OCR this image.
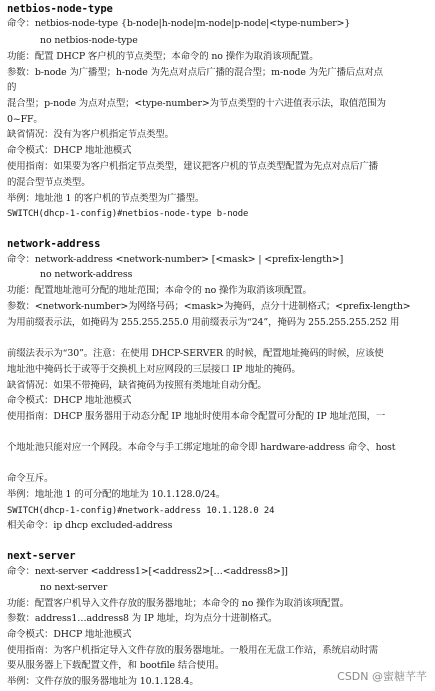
netbios-node-type
命令：netbios-node-type {b-node|h-node|m-node|p-node|<type-number>}
no netbios-node-type
功能：配置 DHCP 客户机的节点类型；本命令的 no 操作为取消该项配置。
参数：b-node 为广播型；h-node 为先点对点后广播的混合型；m-node 为先广播后点对点
的
混合型；p-node 为点对点型；<type-number>为节点类型的十六进值表示法，取值范围为
0~FF。
缺省情况：没有为客户机指定节点类型。
命令模式：DHCP 地址池模式
使用指南：如果要为客户机指定节点类型，建议把客户机的节点类型配置为先点对点后广播
的混合型节点类型。
举例：地址池 1 的客户机的节点类型为广播型。
SWITCH(dhcp-1-config)#netbios-node-type b-node
network-address
命令：network-address <network-number> [<mask> | <prefix-length>]
no network-address
功能：配置地址池可分配的地址范围；本命令的 no 操作为取消该项配置。
参数：<network-number>为网络号码；<mask>为掩码，点分十进制格式；<prefix-length>
为用前缀表示法，如掩码为 255.255.255.0 用前缀表示为“24”，掩码为 255.255.255.252 用
前缀法表示为“30”。注意：在使用 DHCP-SERVER 的时候，配置地址掩码的时候，应该使
地址池中掩码长于或等于交换机上对应网段的三层接口 IP 地址的掩码。
缺省情况：如果不带掩码，缺省掩码为按照有类地址自动分配。
命令模式：DHCP 地址池模式
使用指南：DHCP 服务器用于动态分配 IP 地址时使用本命令配置可分配的 IP 地址范围，一
个地址池只能对应一个网段。本命令与手工绑定地址的命令即 hardware-address 命令、host
命令互斥。
举例：地址池 1 的可分配的地址为 10.1.128.0/24。
SWITCH(dhcp-1-config)#network-address 10.1.128.0 24
相关命令：ip dhcp excluded-address
next-server
命令：next-server <address1>[<address2>[…<address8>]]
no next-server
功能：配置客户机导入文件存放的服务器地址；本命令的 no 操作为取消该项配置。
参数：address1…address8 为 IP 地址，均为点分十进制格式。
命令模式：DHCP 地址池模式
使用指南：为客户机指定导入文件存放的服务器地址。一般用在无盘工作站，系统启动时需
要从服务器上下载配置文件，和 bootfile 结合使用。
举例：文件存放的服务器地址为 10.1.128.4。	CSDN @蜜糖芊芊
